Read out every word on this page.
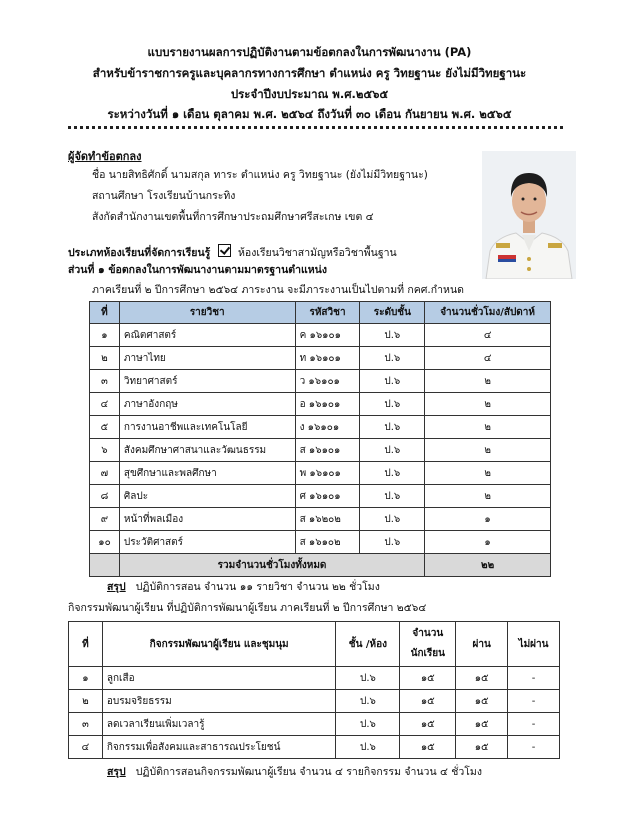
แบบรายงานผลการปฏิบัติงานตามข้อตกลงในการพัฒนางาน (PA)
สำหรับข้าราชการครูและบุคลากรทางการศึกษา ตำแหน่ง ครู วิทยฐานะ ยังไม่มีวิทยฐานะ
ประจำปีงบประมาณ พ.ศ.๒๕๖๕
ระหว่างวันที่ ๑ เดือน ตุลาคม พ.ศ. ๒๕๖๔ ถึงวันที่ ๓๐ เดือน กันยายน พ.ศ. ๒๕๖๕
ผู้จัดทำข้อตกลง
ชื่อ นายสิทธิศักดิ์ นามสกุล ทาระ ตำแหน่ง ครู วิทยฐานะ (ยังไม่มีวิทยฐานะ)
สถานศึกษา โรงเรียนบ้านกระทิง
สังกัดสำนักงานเขตพื้นที่การศึกษาประถมศึกษาศรีสะเกษ เขต ๔
ประเภทห้องเรียนที่จัดการเรียนรู้	ห้องเรียนวิชาสามัญหรือวิชาพื้นฐาน
ส่วนที่ ๑ ข้อตกลงในการพัฒนางานตามมาตรฐานตำแหน่ง
ภาคเรียนที่ ๒ ปีการศึกษา ๒๕๖๔ ภาระงาน จะมีภาระงานเป็นไปตามที่ กคศ.กำหนด
ที่	รายวิชา	รหัสวิชา	ระดับชั้น	จำนวนชั่วโมง/สัปดาห์
๑	คณิตศาสตร์	ค ๑๖๑๐๑	ป.๖	๔
๒	ภาษาไทย	ท ๑๖๑๐๑	ป.๖	๔
๓	วิทยาศาสตร์	ว ๑๖๑๐๑	ป.๖	๒
๔	ภาษาอังกฤษ	อ ๑๖๑๐๑	ป.๖	๒
๕	การงานอาชีพและเทคโนโลยี	ง ๑๖๑๐๑	ป.๖	๒
๖	สังคมศึกษาศาสนาและวัฒนธรรม	ส ๑๖๑๐๑	ป.๖	๒
๗	สุขศึกษาและพลศึกษา	พ ๑๖๑๐๑	ป.๖	๒
๘	ศิลปะ	ศ ๑๖๑๐๑	ป.๖	๒
๙	หน้าที่พลเมือง	ส ๑๖๒๐๒	ป.๖	๑
๑๐	ประวัติศาสตร์	ส ๑๖๑๐๒	ป.๖	๑
	รวมจำนวนชั่วโมงทั้งหมด			๒๒
สรุป ปฏิบัติการสอน จำนวน ๑๑ รายวิชา จำนวน ๒๒ ชั่วโมง
กิจกรรมพัฒนาผู้เรียน ที่ปฏิบัติการพัฒนาผู้เรียน ภาคเรียนที่ ๒ ปีการศึกษา ๒๕๖๔
ที่	กิจกรรมพัฒนาผู้เรียน และชุมนุม	ชั้น /ห้อง	จำนวน นักเรียน	ผ่าน	ไม่ผ่าน
๑	ลูกเสือ	ป.๖	๑๕	๑๕	-
๒	อบรมจริยธรรม	ป.๖	๑๕	๑๕	-
๓	ลดเวลาเรียนเพิ่มเวลารู้	ป.๖	๑๕	๑๕	-
๔	กิจกรรมเพื่อสังคมและสาธารณประโยชน์	ป.๖	๑๕	๑๕	-
สรุป ปฏิบัติการสอนกิจกรรมพัฒนาผู้เรียน จำนวน ๔ รายกิจกรรม จำนวน ๔ ชั่วโมง
